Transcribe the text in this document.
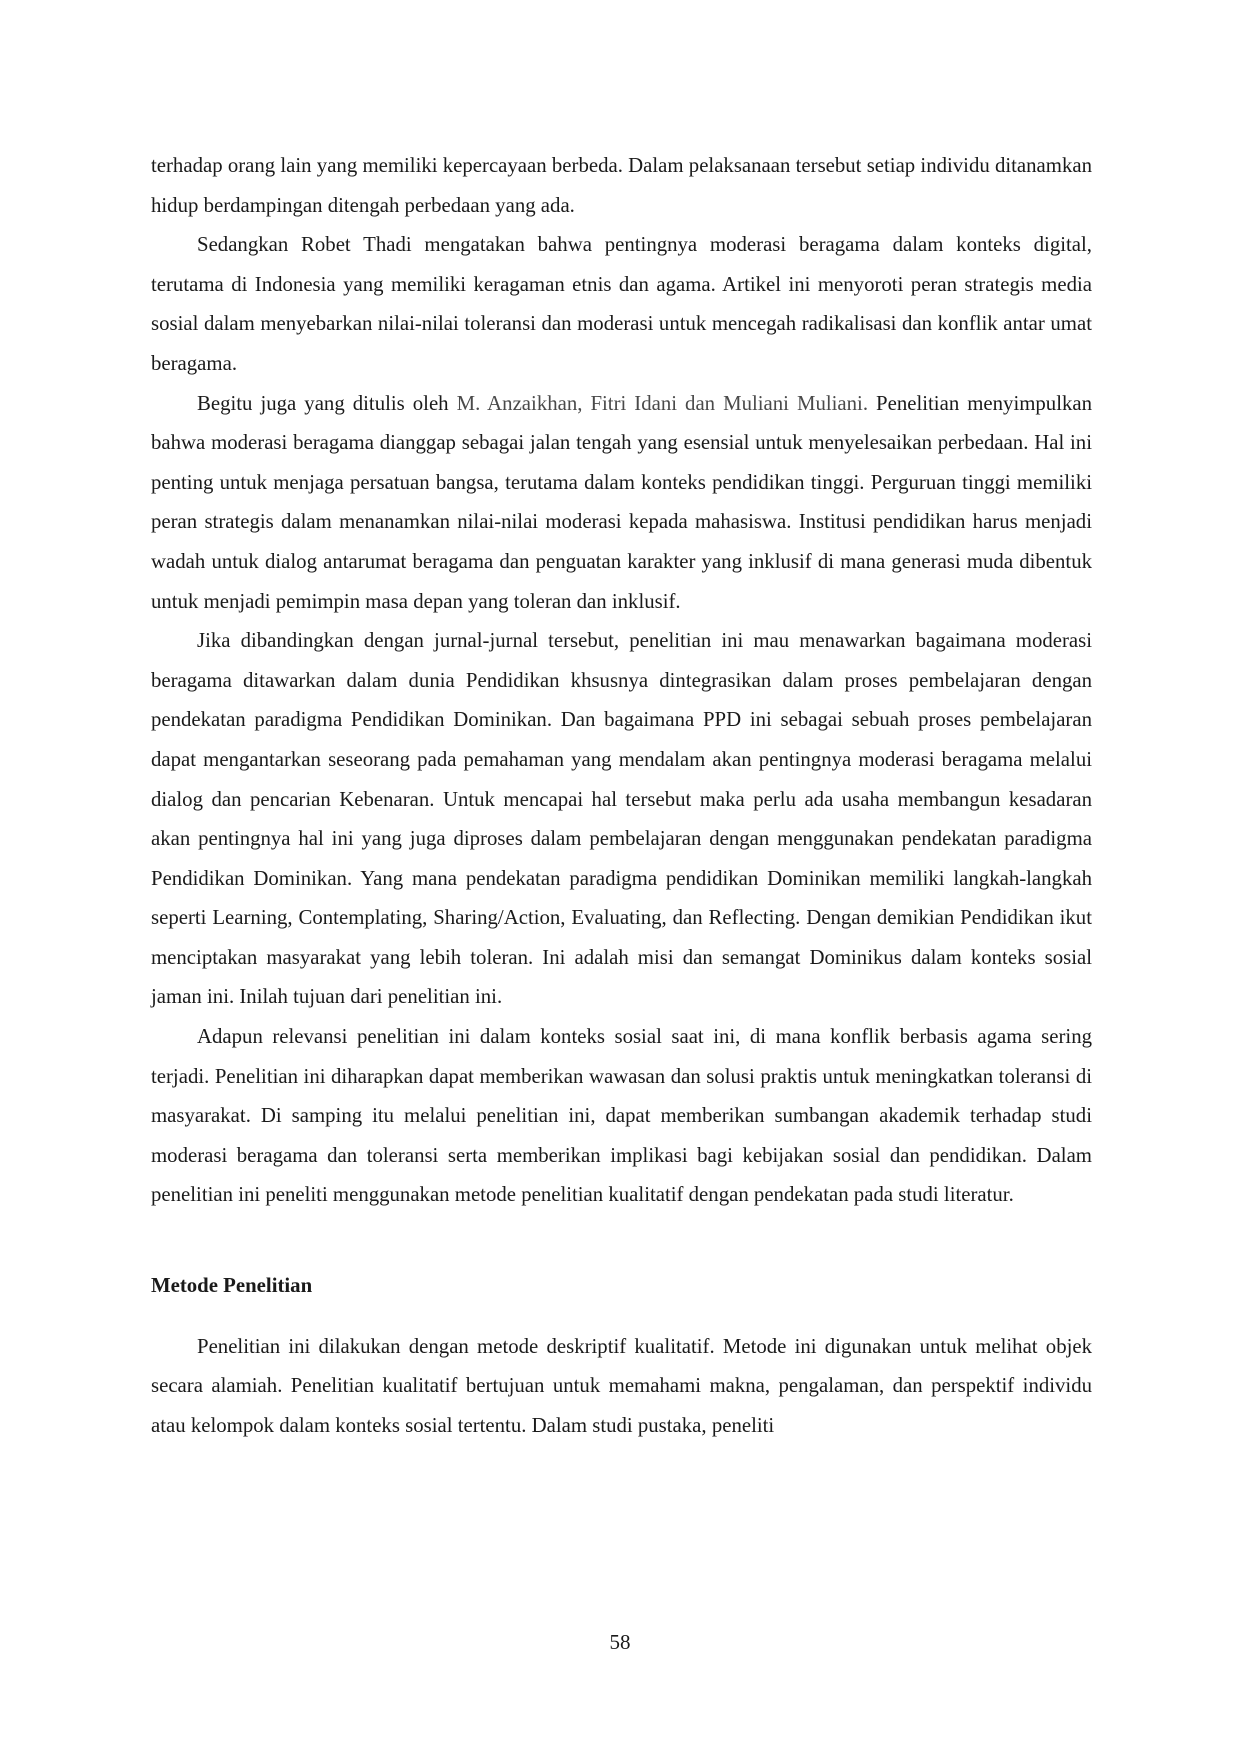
terhadap orang lain yang memiliki kepercayaan berbeda. Dalam pelaksanaan tersebut setiap individu ditanamkan hidup berdampingan ditengah perbedaan yang ada.

Sedangkan Robet Thadi mengatakan bahwa pentingnya moderasi beragama dalam konteks digital, terutama di Indonesia yang memiliki keragaman etnis dan agama. Artikel ini menyoroti peran strategis media sosial dalam menyebarkan nilai-nilai toleransi dan moderasi untuk mencegah radikalisasi dan konflik antar umat beragama.

Begitu juga yang ditulis oleh M. Anzaikhan, Fitri Idani dan Muliani Muliani. Penelitian menyimpulkan bahwa moderasi beragama dianggap sebagai jalan tengah yang esensial untuk menyelesaikan perbedaan. Hal ini penting untuk menjaga persatuan bangsa, terutama dalam konteks pendidikan tinggi. Perguruan tinggi memiliki peran strategis dalam menanamkan nilai-nilai moderasi kepada mahasiswa. Institusi pendidikan harus menjadi wadah untuk dialog antarumat beragama dan penguatan karakter yang inklusif di mana generasi muda dibentuk untuk menjadi pemimpin masa depan yang toleran dan inklusif.

Jika dibandingkan dengan jurnal-jurnal tersebut, penelitian ini mau menawarkan bagaimana moderasi beragama ditawarkan dalam dunia Pendidikan khsusnya dintegrasikan dalam proses pembelajaran dengan pendekatan paradigma Pendidikan Dominikan. Dan bagaimana PPD ini sebagai sebuah proses pembelajaran dapat mengantarkan seseorang pada pemahaman yang mendalam akan pentingnya moderasi beragama melalui dialog dan pencarian Kebenaran. Untuk mencapai hal tersebut maka perlu ada usaha membangun kesadaran akan pentingnya hal ini yang juga diproses dalam pembelajaran dengan menggunakan pendekatan paradigma Pendidikan Dominikan. Yang mana pendekatan paradigma pendidikan Dominikan memiliki langkah-langkah seperti Learning, Contemplating, Sharing/Action, Evaluating, dan Reflecting. Dengan demikian Pendidikan ikut menciptakan masyarakat yang lebih toleran. Ini adalah misi dan semangat Dominikus dalam konteks sosial jaman ini. Inilah tujuan dari penelitian ini.

Adapun relevansi penelitian ini dalam konteks sosial saat ini, di mana konflik berbasis agama sering terjadi. Penelitian ini diharapkan dapat memberikan wawasan dan solusi praktis untuk meningkatkan toleransi di masyarakat. Di samping itu melalui penelitian ini, dapat memberikan sumbangan akademik terhadap studi moderasi beragama dan toleransi serta memberikan implikasi bagi kebijakan sosial dan pendidikan. Dalam penelitian ini peneliti menggunakan metode penelitian kualitatif dengan pendekatan pada studi literatur.

Metode Penelitian

Penelitian ini dilakukan dengan metode deskriptif kualitatif. Metode ini digunakan untuk melihat objek secara alamiah. Penelitian kualitatif bertujuan untuk memahami makna, pengalaman, dan perspektif individu atau kelompok dalam konteks sosial tertentu. Dalam studi pustaka, peneliti

58
